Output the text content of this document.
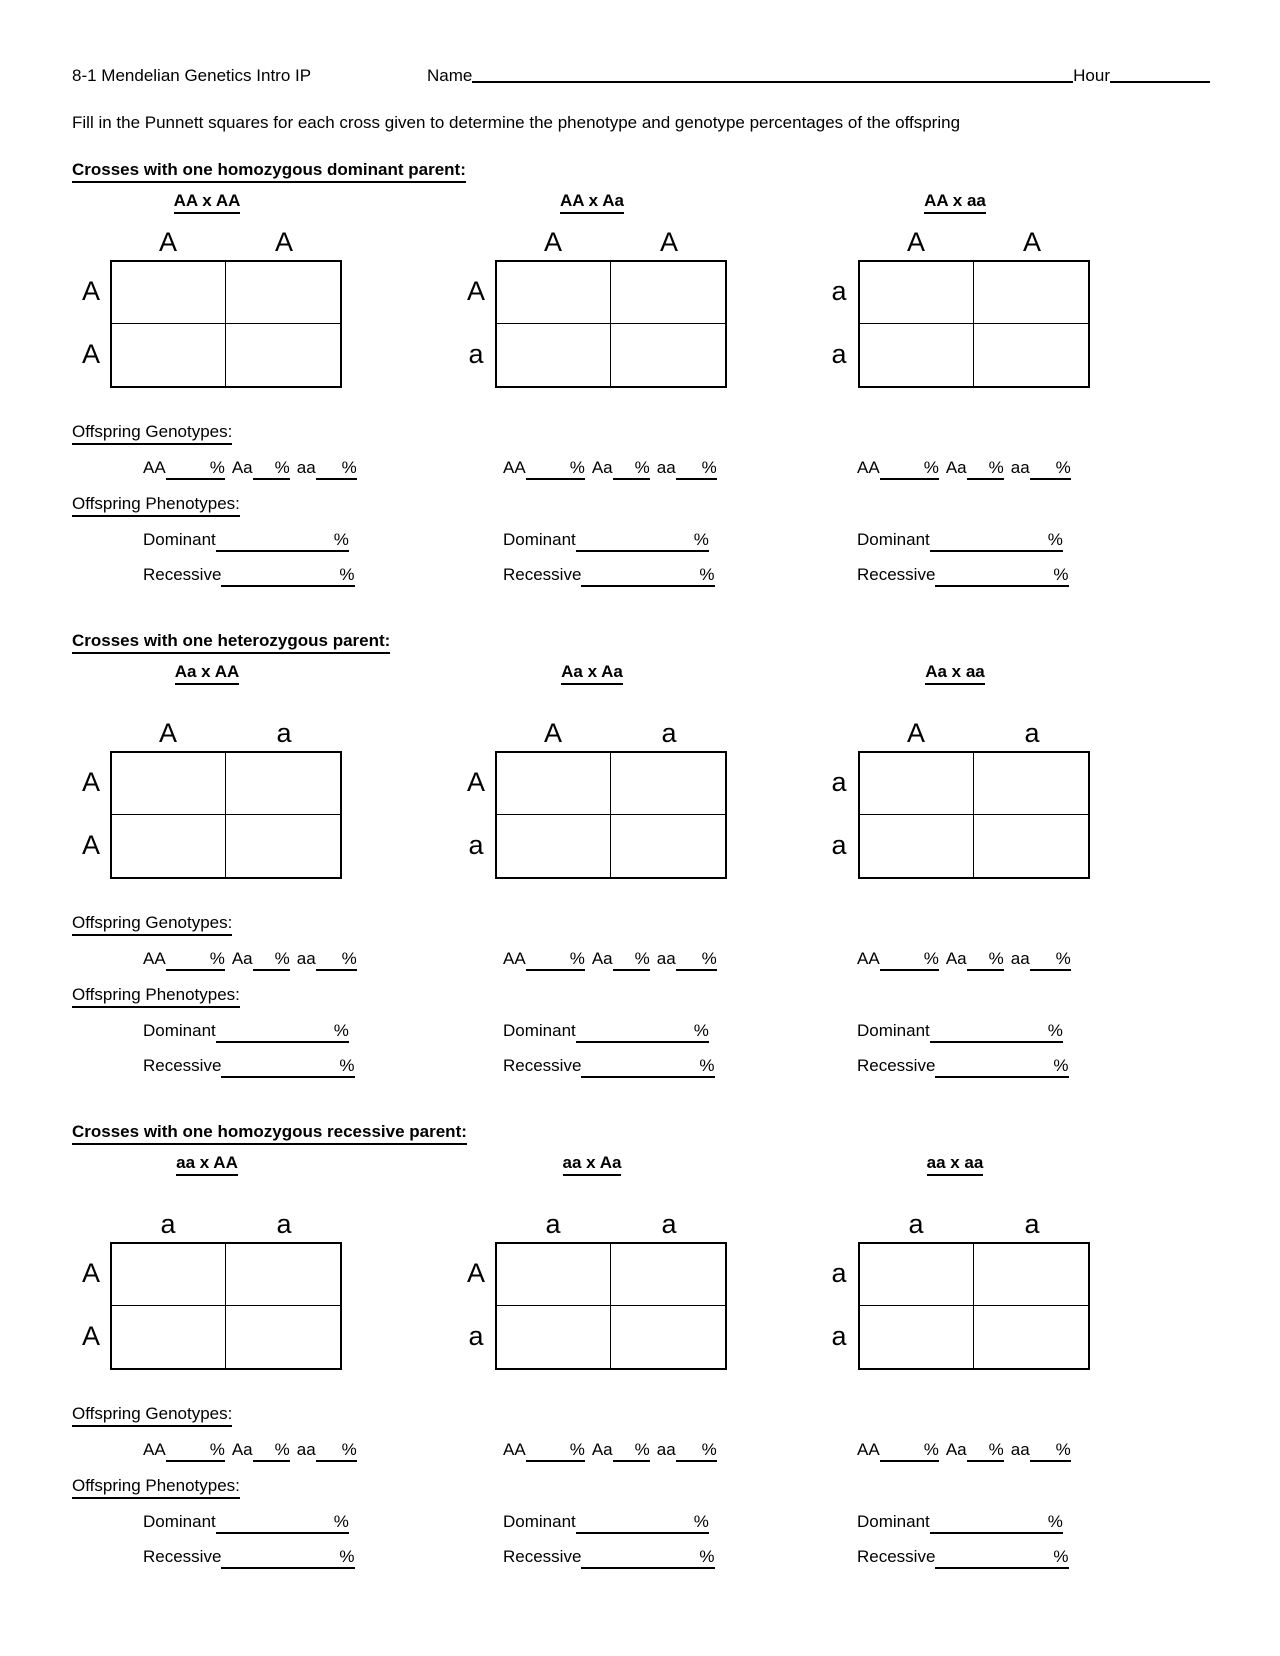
8-1 Mendelian Genetics Intro IP	Name	Hour
Fill in the Punnett squares for each cross given to determine the phenotype and genotype percentages of the offspring
Crosses with one homozygous dominant parent:
AA x AA
A	A
A
A
AA x Aa
A	A
A
a
AA x aa
A	A
a
a
Offspring Genotypes:
AA	% Aa % aa %	AA	% Aa % aa %	AA	% Aa % aa %
Offspring Phenotypes:
Dominant	%	Dominant	%	Dominant	%
Recessive	%	Recessive	%	Recessive	%
Crosses with one heterozygous parent:
Aa x AA
A	a
A
A
Aa x Aa
A	a
A
a
Aa x aa
A	a
a
a
Offspring Genotypes:
AA	% Aa % aa %	AA	% Aa % aa %	AA	% Aa % aa %
Offspring Phenotypes:
Dominant	%	Dominant	%	Dominant	%
Recessive	%	Recessive	%	Recessive	%
Crosses with one homozygous recessive parent:
aa x AA
a	a
A
A
aa x Aa
a	a
A
a
aa x aa
a	a
a
a
Offspring Genotypes:
AA	% Aa % aa %	AA	% Aa % aa %	AA	% Aa % aa %
Offspring Phenotypes:
Dominant	%	Dominant	%	Dominant	%
Recessive	%	Recessive	%	Recessive	%
